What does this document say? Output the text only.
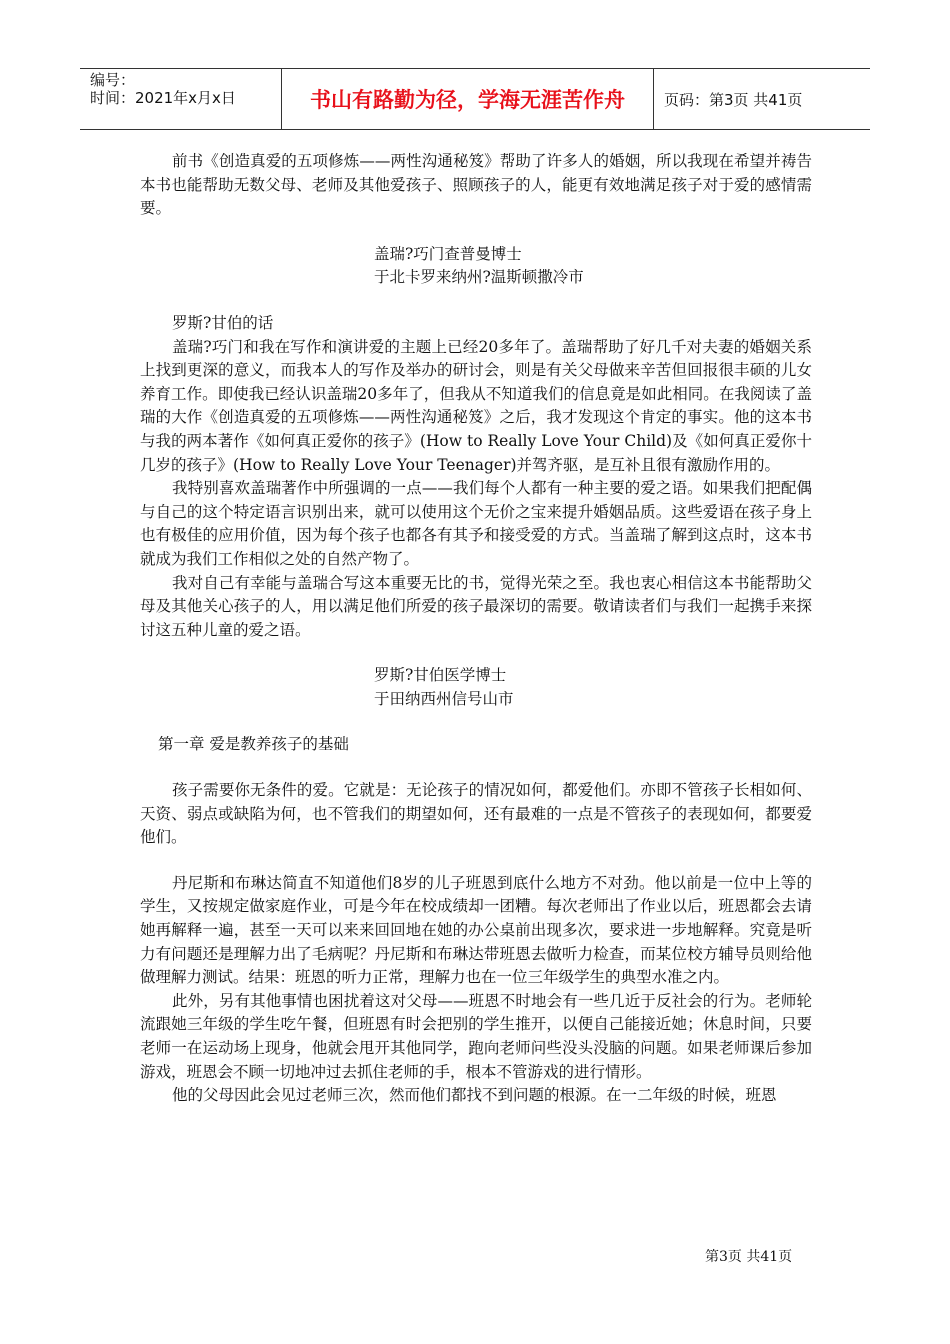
编号：
时间：2021年x月x日	书山有路勤为径，学海无涯苦作舟	页码：第3页 共41页

前书《创造真爱的五项修炼——两性沟通秘笈》帮助了许多人的婚姻，所以我现在希望并祷告本书也能帮助无数父母、老师及其他爱孩子、照顾孩子的人，能更有效地满足孩子对于爱的感情需要。

盖瑞?巧门查普曼博士

于北卡罗来纳州?温斯顿撒冷市

罗斯?甘伯的话

盖瑞?巧门和我在写作和演讲爱的主题上已经20多年了。盖瑞帮助了好几千对夫妻的婚姻关系上找到更深的意义，而我本人的写作及举办的研讨会，则是有关父母做来辛苦但回报很丰硕的儿女养育工作。即使我已经认识盖瑞20多年了，但我从不知道我们的信息竟是如此相同。在我阅读了盖瑞的大作《创造真爱的五项修炼——两性沟通秘笈》之后，我才发现这个肯定的事实。他的这本书与我的两本著作《如何真正爱你的孩子》(How to Really Love Your Child)及《如何真正爱你十几岁的孩子》(How to Really Love Your Teenager)并驾齐驱，是互补且很有激励作用的。

我特别喜欢盖瑞著作中所强调的一点——我们每个人都有一种主要的爱之语。如果我们把配偶与自己的这个特定语言识别出来，就可以使用这个无价之宝来提升婚姻品质。这些爱语在孩子身上也有极佳的应用价值，因为每个孩子也都各有其予和接受爱的方式。当盖瑞了解到这点时，这本书就成为我们工作相似之处的自然产物了。

我对自己有幸能与盖瑞合写这本重要无比的书，觉得光荣之至。我也衷心相信这本书能帮助父母及其他关心孩子的人，用以满足他们所爱的孩子最深切的需要。敬请读者们与我们一起携手来探讨这五种儿童的爱之语。

罗斯?甘伯医学博士

于田纳西州信号山市

第一章 爱是教养孩子的基础

孩子需要你无条件的爱。它就是：无论孩子的情况如何，都爱他们。亦即不管孩子长相如何、天资、弱点或缺陷为何，也不管我们的期望如何，还有最难的一点是不管孩子的表现如何，都要爱他们。

丹尼斯和布琳达简直不知道他们8岁的儿子班恩到底什么地方不对劲。他以前是一位中上等的学生，又按规定做家庭作业，可是今年在校成绩却一团糟。每次老师出了作业以后，班恩都会去请她再解释一遍，甚至一天可以来来回回地在她的办公桌前出现多次，要求进一步地解释。究竟是听力有问题还是理解力出了毛病呢？丹尼斯和布琳达带班恩去做听力检查，而某位校方辅导员则给他做理解力测试。结果：班恩的听力正常，理解力也在一位三年级学生的典型水准之内。

此外，另有其他事情也困扰着这对父母——班恩不时地会有一些几近于反社会的行为。老师轮流跟她三年级的学生吃午餐，但班恩有时会把别的学生推开，以便自己能接近她；休息时间，只要老师一在运动场上现身，他就会甩开其他同学，跑向老师问些没头没脑的问题。如果老师课后参加游戏，班恩会不顾一切地冲过去抓住老师的手，根本不管游戏的进行情形。

他的父母因此会见过老师三次，然而他们都找不到问题的根源。在一二年级的时候，班恩

第3页 共41页
